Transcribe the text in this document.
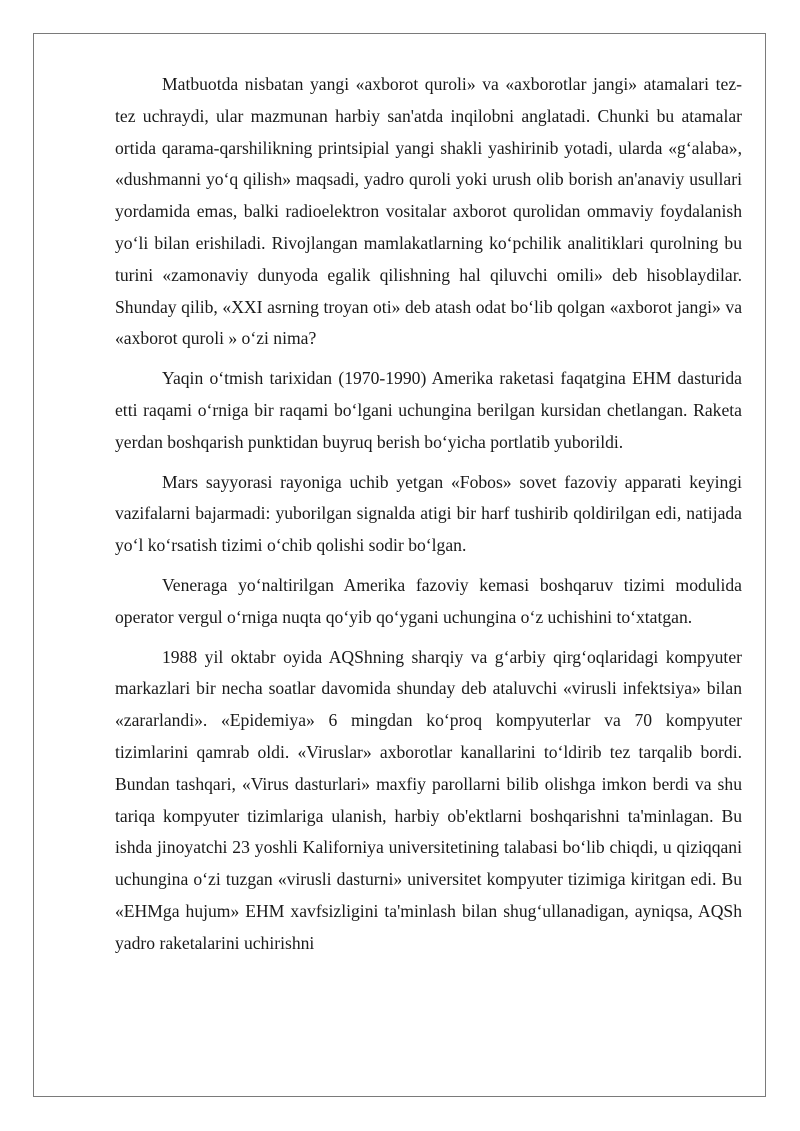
Matbuotda nisbatan yangi «axborot quroli» va «axborotlar jangi» atamalari tez-tez uchraydi, ular mazmunan harbiy san'atda inqilobni anglatadi. Chunki bu atamalar ortida qarama-qarshilikning printsipial yangi shakli yashirinib yotadi, ularda «g‘alaba», «dushmanni yo‘q qilish» maqsadi, yadro quroli yoki urush olib borish an'anaviy usullari yordamida emas, balki radioelektron vositalar axborot qurolidan ommaviy foydalanish yo‘li bilan erishiladi. Rivojlangan mamlakatlarning ko‘pchilik analitiklari qurolning bu turini «zamonaviy dunyoda egalik qilishning hal qiluvchi omili» deb hisoblaydilar. Shunday qilib, «XXI asrning troyan oti» deb atash odat bo‘lib qolgan «axborot jangi» va «axborot quroli » o‘zi nima?

Yaqin o‘tmish tarixidan (1970-1990) Amerika raketasi faqatgina EHM dasturida etti raqami o‘rniga bir raqami bo‘lgani uchungina berilgan kursidan chetlangan. Raketa yerdan boshqarish punktidan buyruq berish bo‘yicha portlatib yuborildi.

Mars sayyorasi rayoniga uchib yetgan «Fobos» sovet fazoviy apparati keyingi vazifalarni bajarmadi: yuborilgan signalda atigi bir harf tushirib qoldirilgan edi, natijada yo‘l ko‘rsatish tizimi o‘chib qolishi sodir bo‘lgan.

Veneraga yo‘naltirilgan Amerika fazoviy kemasi boshqaruv tizimi modulida operator vergul o‘rniga nuqta qo‘yib qo‘ygani uchungina o‘z uchishini to‘xtatgan.

1988 yil oktabr oyida AQShning sharqiy va g‘arbiy qirg‘oqlaridagi kompyuter markazlari bir necha soatlar davomida shunday deb ataluvchi «virusli infektsiya» bilan «zararlandi». «Epidemiya» 6 mingdan ko‘proq kompyuterlar va 70 kompyuter tizimlarini qamrab oldi. «Viruslar» axborotlar kanallarini to‘ldirib tez tarqalib bordi. Bundan tashqari, «Virus dasturlari» maxfiy parollarni bilib olishga imkon berdi va shu tariqa kompyuter tizimlariga ulanish, harbiy ob'ektlarni boshqarishni ta'minlagan. Bu ishda jinoyatchi 23 yoshli Kaliforniya universitetining talabasi bo‘lib chiqdi, u qiziqqani uchungina o‘zi tuzgan «virusli dasturni» universitet kompyuter tizimiga kiritgan edi. Bu «EHMga hujum» EHM xavfsizligini ta'minlash bilan shug‘ullanadigan, ayniqsa, AQSh yadro raketalarini uchirishni
